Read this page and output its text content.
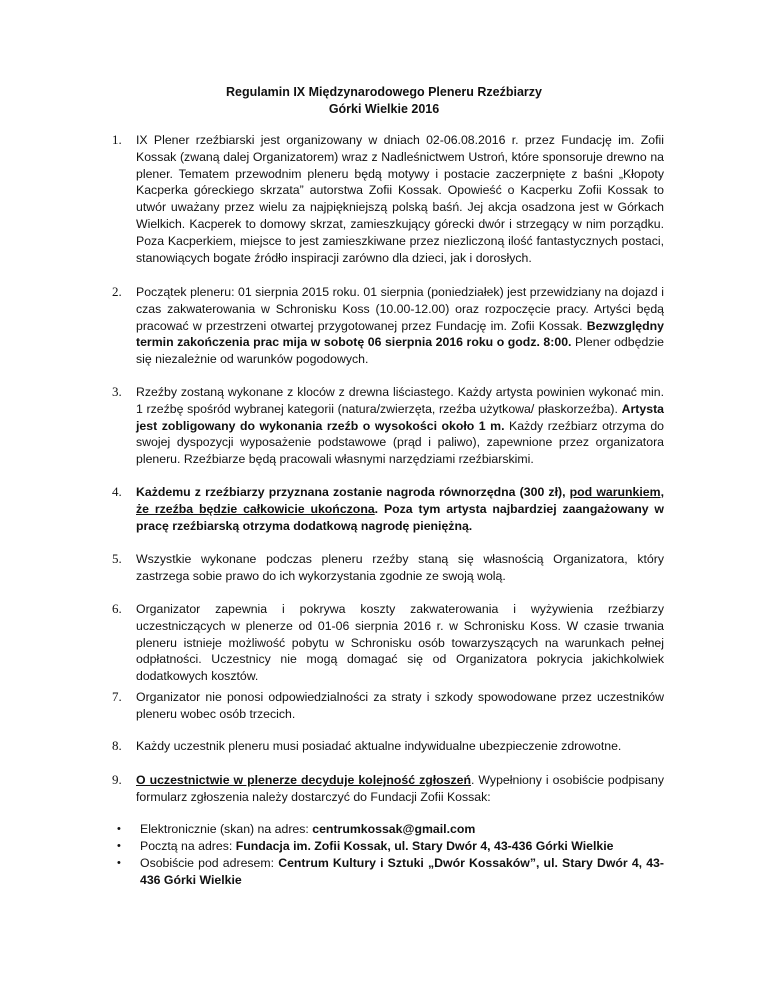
Regulamin IX Międzynarodowego Pleneru Rzeźbiarzy
Górki Wielkie 2016
1. IX Plener rzeźbiarski jest organizowany w dniach 02-06.08.2016 r. przez Fundację im. Zofii Kossak (zwaną dalej Organizatorem) wraz z Nadleśnictwem Ustroń, które sponsoruje drewno na plener. Tematem przewodnim pleneru będą motywy i postacie zaczerpnięte z baśni „Kłopoty Kacperka góreckiego skrzata” autorstwa Zofii Kossak. Opowieść o Kacperku Zofii Kossak to utwór uważany przez wielu za najpiękniejszą polską baśń. Jej akcja osadzona jest w Górkach Wielkich. Kacperek to domowy skrzat, zamieszkujący górecki dwór i strzegący w nim porządku. Poza Kacperkiem, miejsce to jest zamieszkiwane przez niezliczoną ilość fantastycznych postaci, stanowiących bogate źródło inspiracji zarówno dla dzieci, jak i dorosłych.
2. Początek pleneru: 01 sierpnia 2015 roku. 01 sierpnia (poniedziałek) jest przewidziany na dojazd i czas zakwaterowania w Schronisku Koss (10.00-12.00) oraz rozpoczęcie pracy. Artyści będą pracować w przestrzeni otwartej przygotowanej przez Fundację im. Zofii Kossak. Bezwzględny termin zakończenia prac mija w sobotę 06 sierpnia 2016 roku o godz. 8:00. Plener odbędzie się niezależnie od warunków pogodowych.
3. Rzeźby zostaną wykonane z kloców z drewna liściastego. Każdy artysta powinien wykonać min. 1 rzeźbę spośród wybranej kategorii (natura/zwierzęta, rzeźba użytkowa/ płaskorzeźba). Artysta jest zobligowany do wykonania rzeźb o wysokości około 1 m. Każdy rzeźbiarz otrzyma do swojej dyspozycji wyposażenie podstawowe (prąd i paliwo), zapewnione przez organizatora pleneru. Rzeźbiarze będą pracowali własnymi narzędziami rzeźbiarskimi.
4. Każdemu z rzeźbiarzy przyznana zostanie nagroda równorzędna (300 zł), pod warunkiem, że rzeźba będzie całkowicie ukończona. Poza tym artysta najbardziej zaangażowany w pracę rzeźbiarską otrzyma dodatkową nagrodę pieniężną.
5. Wszystkie wykonane podczas pleneru rzeźby staną się własnością Organizatora, który zastrzega sobie prawo do ich wykorzystania zgodnie ze swoją wolą.
6. Organizator zapewnia i pokrywa koszty zakwaterowania i wyżywienia rzeźbiarzy uczestniczących w plenerze od 01-06 sierpnia 2016 r. w Schronisku Koss. W czasie trwania pleneru istnieje możliwość pobytu w Schronisku osób towarzyszących na warunkach pełnej odpłatności. Uczestnicy nie mogą domagać się od Organizatora pokrycia jakichkolwiek dodatkowych kosztów.
7. Organizator nie ponosi odpowiedzialności za straty i szkody spowodowane przez uczestników pleneru wobec osób trzecich.
8. Każdy uczestnik pleneru musi posiadać aktualne indywidualne ubezpieczenie zdrowotne.
9. O uczestnictwie w plenerze decyduje kolejność zgłoszeń. Wypełniony i osobiście podpisany formularz zgłoszenia należy dostarczyć do Fundacji Zofii Kossak:
• Elektronicznie (skan) na adres: centrumkossak@gmail.com
• Pocztą na adres: Fundacja im. Zofii Kossak, ul. Stary Dwór 4, 43-436 Górki Wielkie
• Osobiście pod adresem: Centrum Kultury i Sztuki „Dwór Kossaków”, ul. Stary Dwór 4, 43-436 Górki Wielkie
